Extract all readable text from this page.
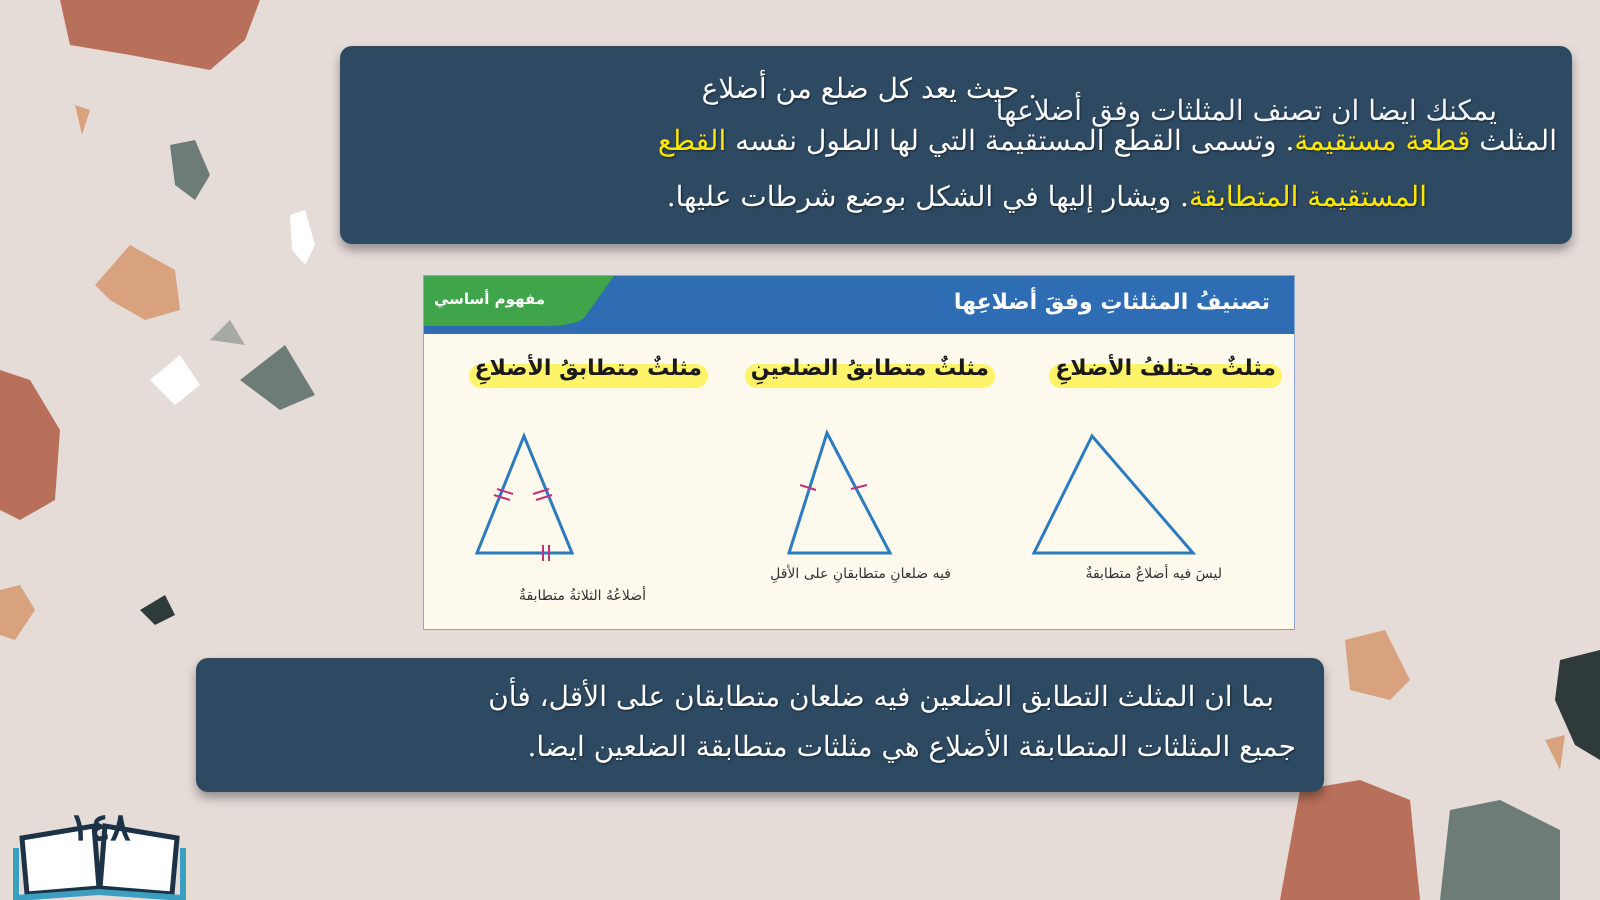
يمكنك ايضا ان تصنف المثلثات وفق أضلاعها
. حيث يعد كل ضلع من أضلاع
المثلث قطعة مستقيمة. وتسمى القطع المستقيمة التي لها الطول نفسه القطع
المستقيمة المتطابقة. ويشار إليها في الشكل بوضع شرطات عليها.
مفهوم أساسي	تصنيفُ المثلثاتِ وفقَ أضلاعِها
مثلثٌ مختلفُ الأضلاعِ
مثلثٌ متطابقُ الضلعينِ
مثلثٌ متطابقُ الأضلاعِ
ليسَ فيه أضلاعٌ متطابقةٌ
فيه ضلعانِ متطابقانِ على الأقلِ
أضلاعُهُ الثلاثةُ متطابقةٌ
بما ان المثلث التطابق الضلعين فيه ضلعان متطابقان على الأقل، فأن
جميع المثلثات المتطابقة الأضلاع هي مثلثات متطابقة الضلعين ايضا.
١٤٨
